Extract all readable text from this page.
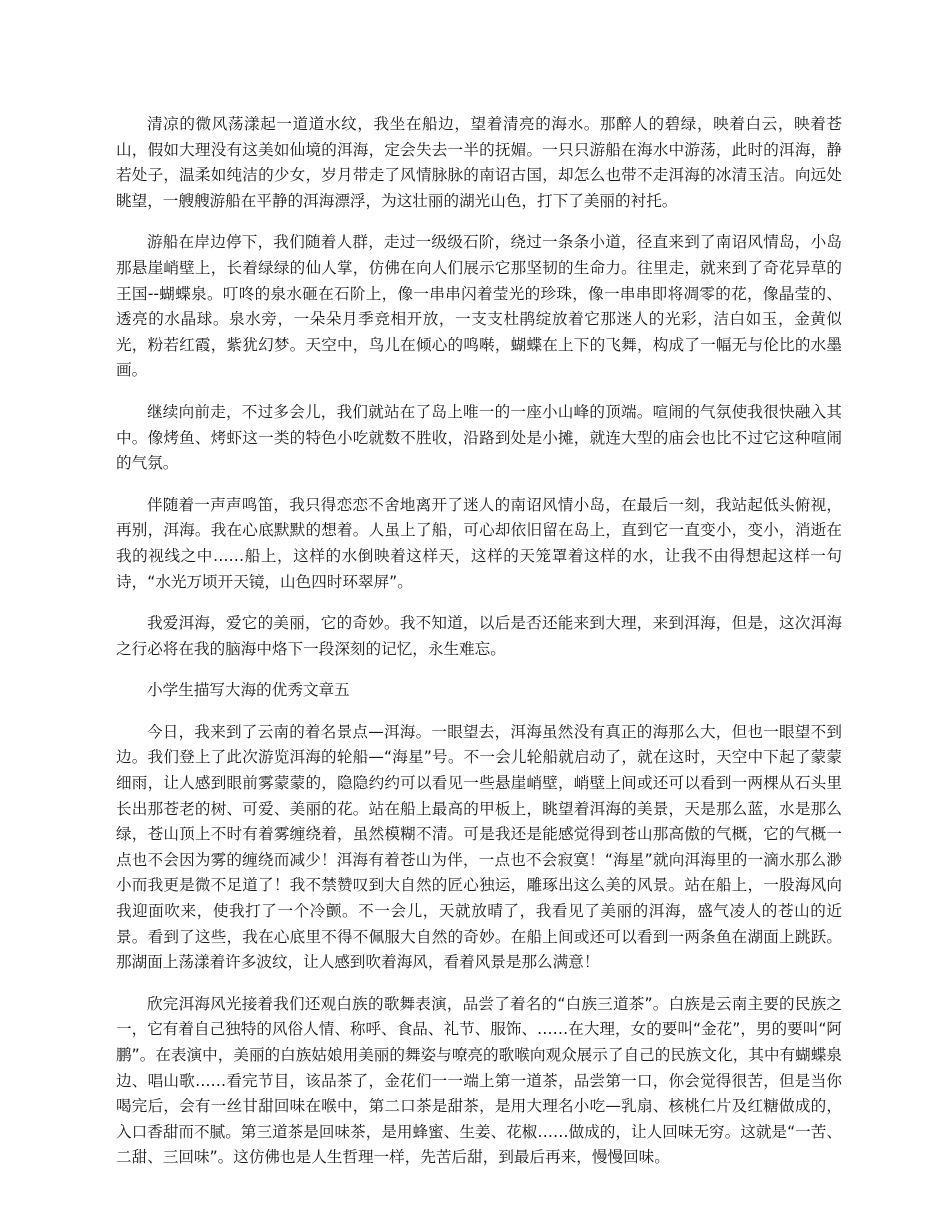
清凉的微风荡漾起一道道水纹，我坐在船边，望着清亮的海水。那醉人的碧绿，映着白云，映着苍山，假如大理没有这美如仙境的洱海，定会失去一半的抚媚。一只只游船在海水中游荡，此时的洱海，静若处子，温柔如纯洁的少女，岁月带走了风情脉脉的南诏古国，却怎么也带不走洱海的冰清玉洁。向远处眺望，一艘艘游船在平静的洱海漂浮，为这壮丽的湖光山色，打下了美丽的衬托。

游船在岸边停下，我们随着人群，走过一级级石阶，绕过一条条小道，径直来到了南诏风情岛，小岛那悬崖峭壁上，长着绿绿的仙人掌，仿佛在向人们展示它那坚韧的生命力。往里走，就来到了奇花异草的王国--蝴蝶泉。叮咚的泉水砸在石阶上，像一串串闪着莹光的珍珠，像一串串即将凋零的花，像晶莹的、透亮的水晶球。泉水旁，一朵朵月季竞相开放，一支支杜鹃绽放着它那迷人的光彩，洁白如玉，金黄似光，粉若红霞，紫犹幻梦。天空中，鸟儿在倾心的鸣啭，蝴蝶在上下的飞舞，构成了一幅无与伦比的水墨画。

继续向前走，不过多会儿，我们就站在了岛上唯一的一座小山峰的顶端。喧闹的气氛使我很快融入其中。像烤鱼、烤虾这一类的特色小吃就数不胜收，沿路到处是小摊，就连大型的庙会也比不过它这种喧闹的气氛。

伴随着一声声鸣笛，我只得恋恋不舍地离开了迷人的南诏风情小岛，在最后一刻，我站起低头俯视，再别，洱海。我在心底默默的想着。人虽上了船，可心却依旧留在岛上，直到它一直变小，变小，消逝在我的视线之中……船上，这样的水倒映着这样天，这样的天笼罩着这样的水，让我不由得想起这样一句诗，“水光万顷开天镜，山色四时环翠屏”。

我爱洱海，爱它的美丽，它的奇妙。我不知道，以后是否还能来到大理，来到洱海，但是，这次洱海之行必将在我的脑海中烙下一段深刻的记忆，永生难忘。

小学生描写大海的优秀文章五

今日，我来到了云南的着名景点—洱海。一眼望去，洱海虽然没有真正的海那么大，但也一眼望不到边。我们登上了此次游览洱海的轮船—“海星”号。不一会儿轮船就启动了，就在这时，天空中下起了蒙蒙细雨，让人感到眼前雾蒙蒙的，隐隐约约可以看见一些悬崖峭壁，峭壁上间或还可以看到一两棵从石头里长出那苍老的树、可爱、美丽的花。站在船上最高的甲板上，眺望着洱海的美景，天是那么蓝，水是那么绿，苍山顶上不时有着雾缠绕着，虽然模糊不清。可是我还是能感觉得到苍山那高傲的气概，它的气概一点也不会因为雾的缠绕而减少！洱海有着苍山为伴，一点也不会寂寞！“海星”就向洱海里的一滴水那么渺小而我更是微不足道了！我不禁赞叹到大自然的匠心独运，雕琢出这么美的风景。站在船上，一股海风向我迎面吹来，使我打了一个冷颤。不一会儿，天就放晴了，我看见了美丽的洱海，盛气凌人的苍山的近景。看到了这些，我在心底里不得不佩服大自然的奇妙。在船上间或还可以看到一两条鱼在湖面上跳跃。那湖面上荡漾着许多波纹，让人感到吹着海风，看着风景是那么满意！

欣完洱海风光接着我们还观白族的歌舞表演，品尝了着名的“白族三道茶”。白族是云南主要的民族之一，它有着自己独特的风俗人情、称呼、食品、礼节、服饰、……在大理，女的要叫“金花”，男的要叫“阿鹏”。在表演中，美丽的白族姑娘用美丽的舞姿与嘹亮的歌喉向观众展示了自己的民族文化，其中有蝴蝶泉边、唱山歌……看完节目，该品茶了，金花们一一端上第一道茶，品尝第一口，你会觉得很苦，但是当你喝完后，会有一丝甘甜回味在喉中，第二口茶是甜茶，是用大理名小吃—乳扇、核桃仁片及红糖做成的，入口香甜而不腻。第三道茶是回味茶，是用蜂蜜、生姜、花椒……做成的，让人回味无穷。这就是“一苦、二甜、三回味”。这仿佛也是人生哲理一样，先苦后甜，到最后再来，慢慢回味。
